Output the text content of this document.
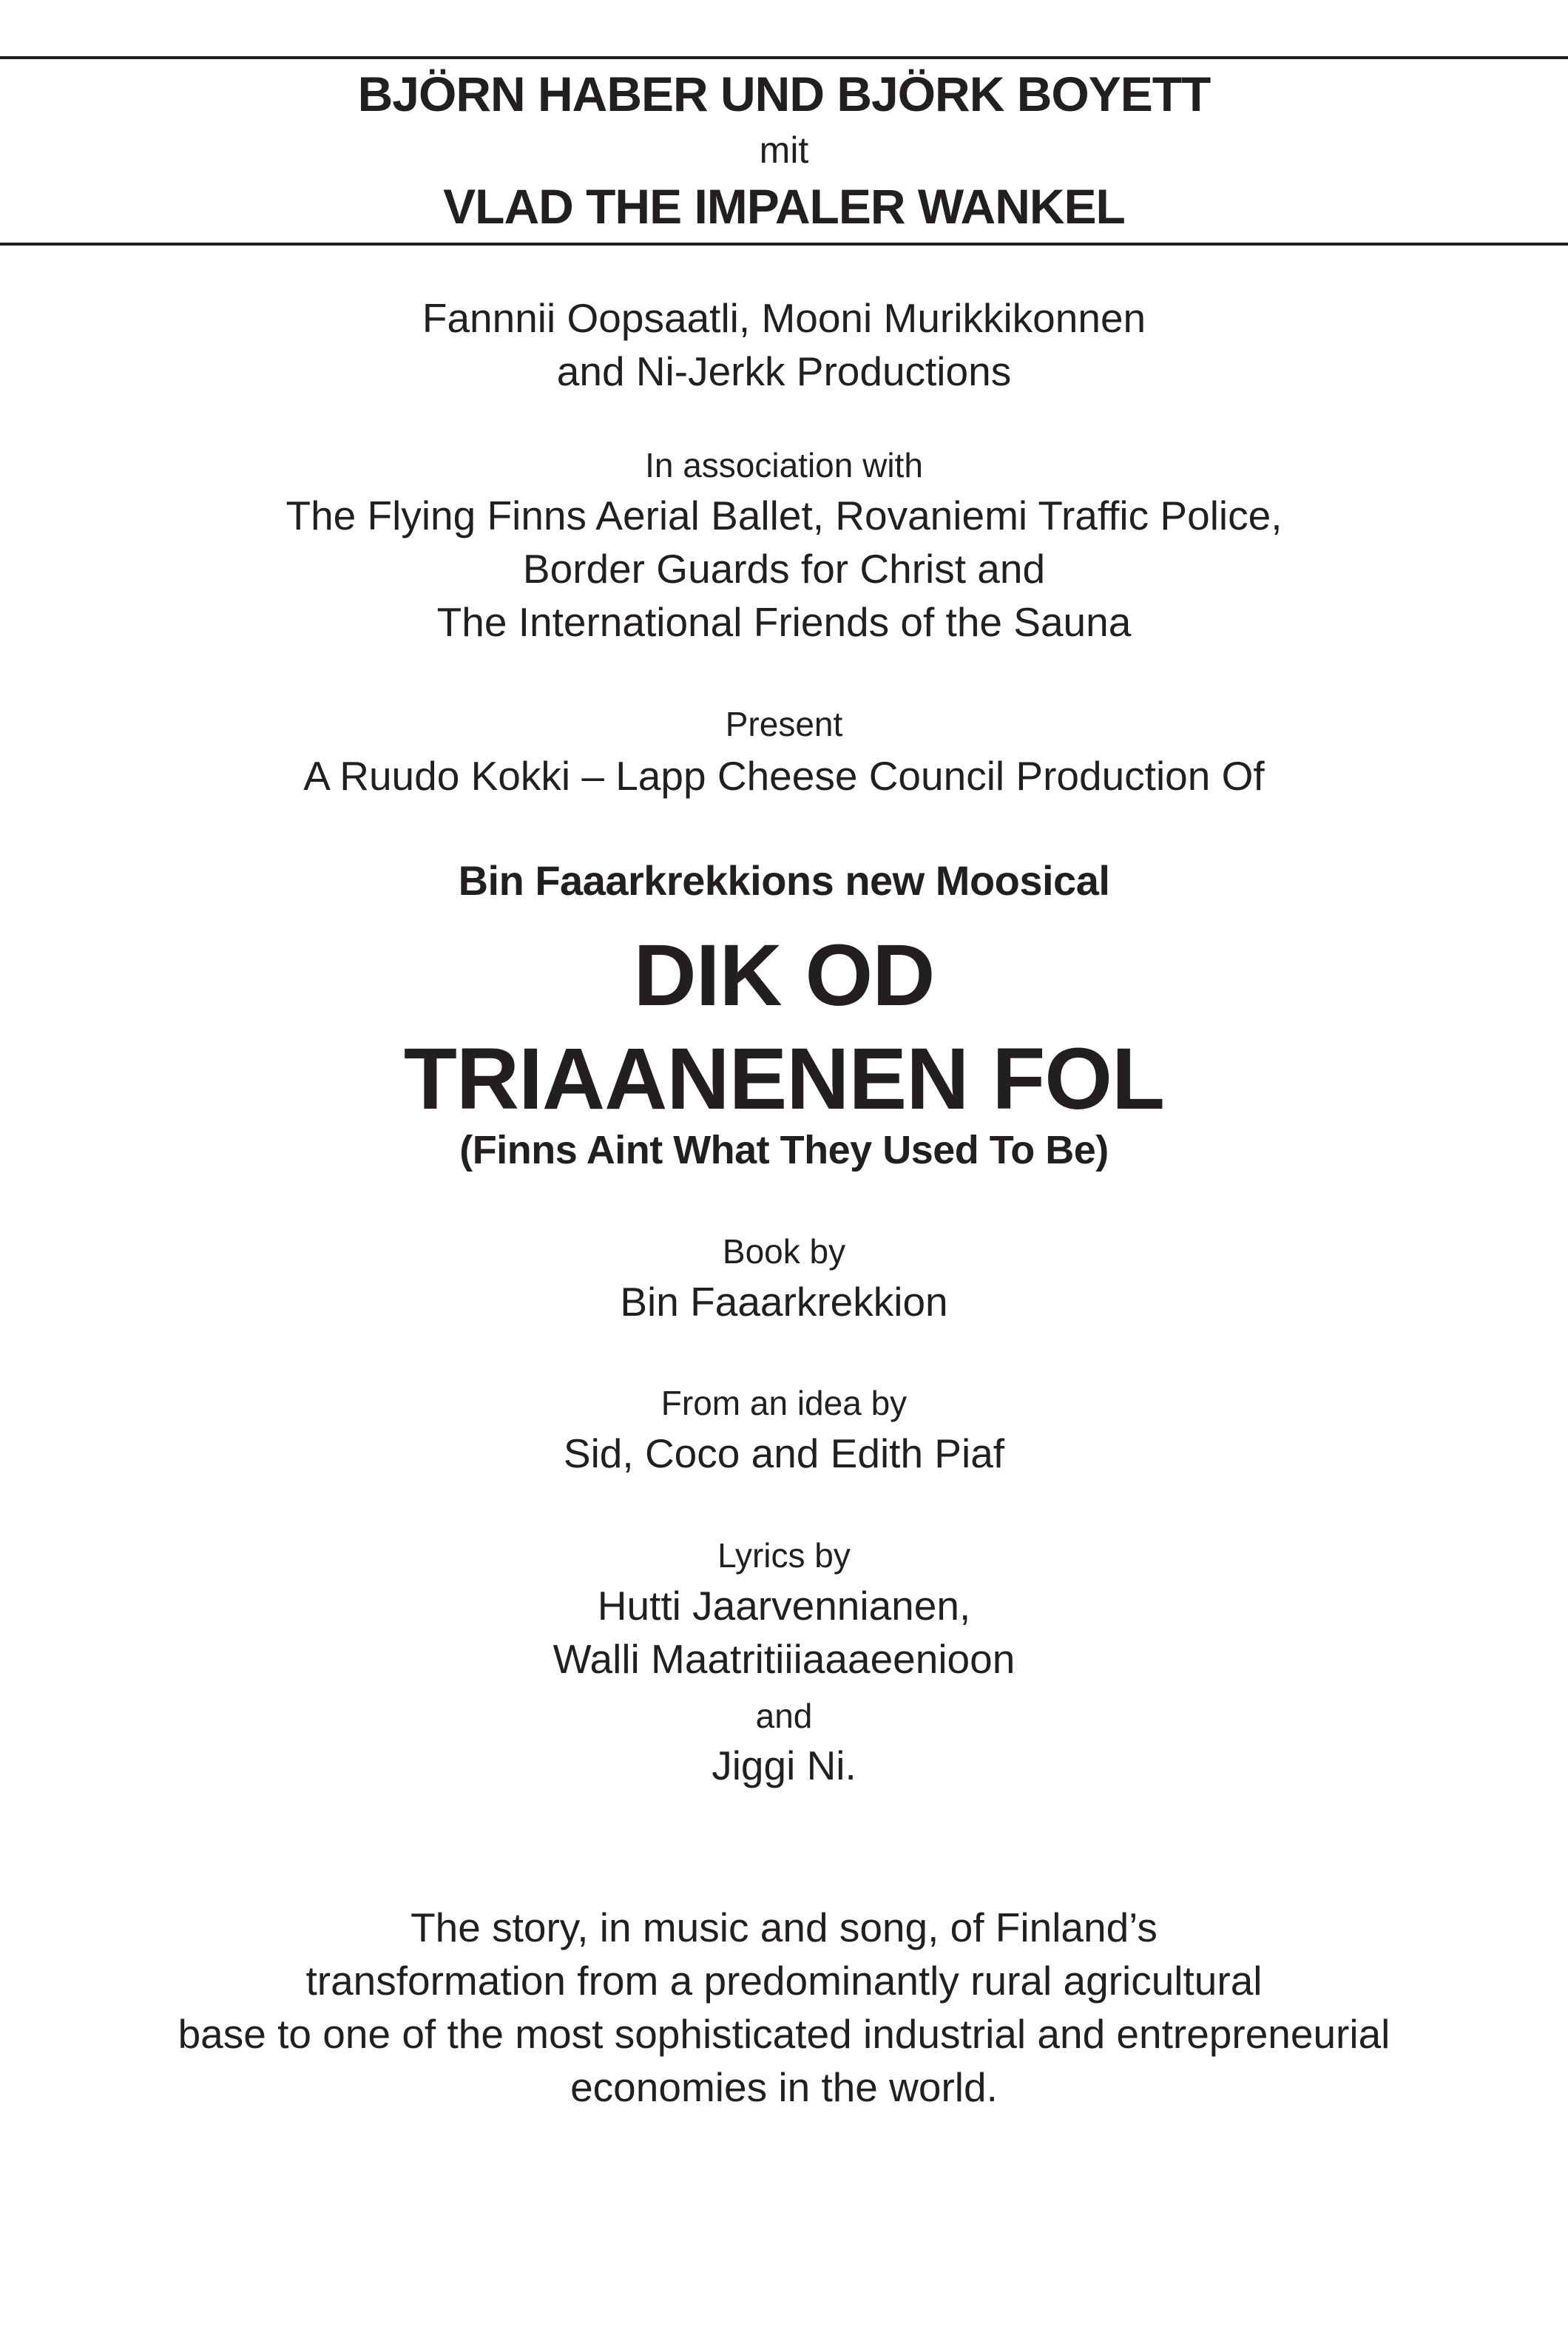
BJÖRN HABER UND BJÖRK BOYETT
mit
VLAD THE IMPALER WANKEL
Fannnii Oopsaatli, Mooni Murikkikonnen
and Ni-Jerkk Productions
In association with
The Flying Finns Aerial Ballet, Rovaniemi Traffic Police,
Border Guards for Christ and
The International Friends of the Sauna
Present
A Ruudo Kokki – Lapp Cheese Council Production Of
Bin Faaarkrekkions new Moosical
DIK OD
TRIAANENEN FOL
(Finns Aint What They Used To Be)
Book by
Bin Faaarkrekkion
From an idea by
Sid, Coco and Edith Piaf
Lyrics by
Hutti Jaarvennianen,
Walli Maatritiiiaaaeenioon
and
Jiggi Ni.
The story, in music and song, of Finland’s
transformation from a predominantly rural agricultural
base to one of the most sophisticated industrial and entrepreneurial
economies in the world.
